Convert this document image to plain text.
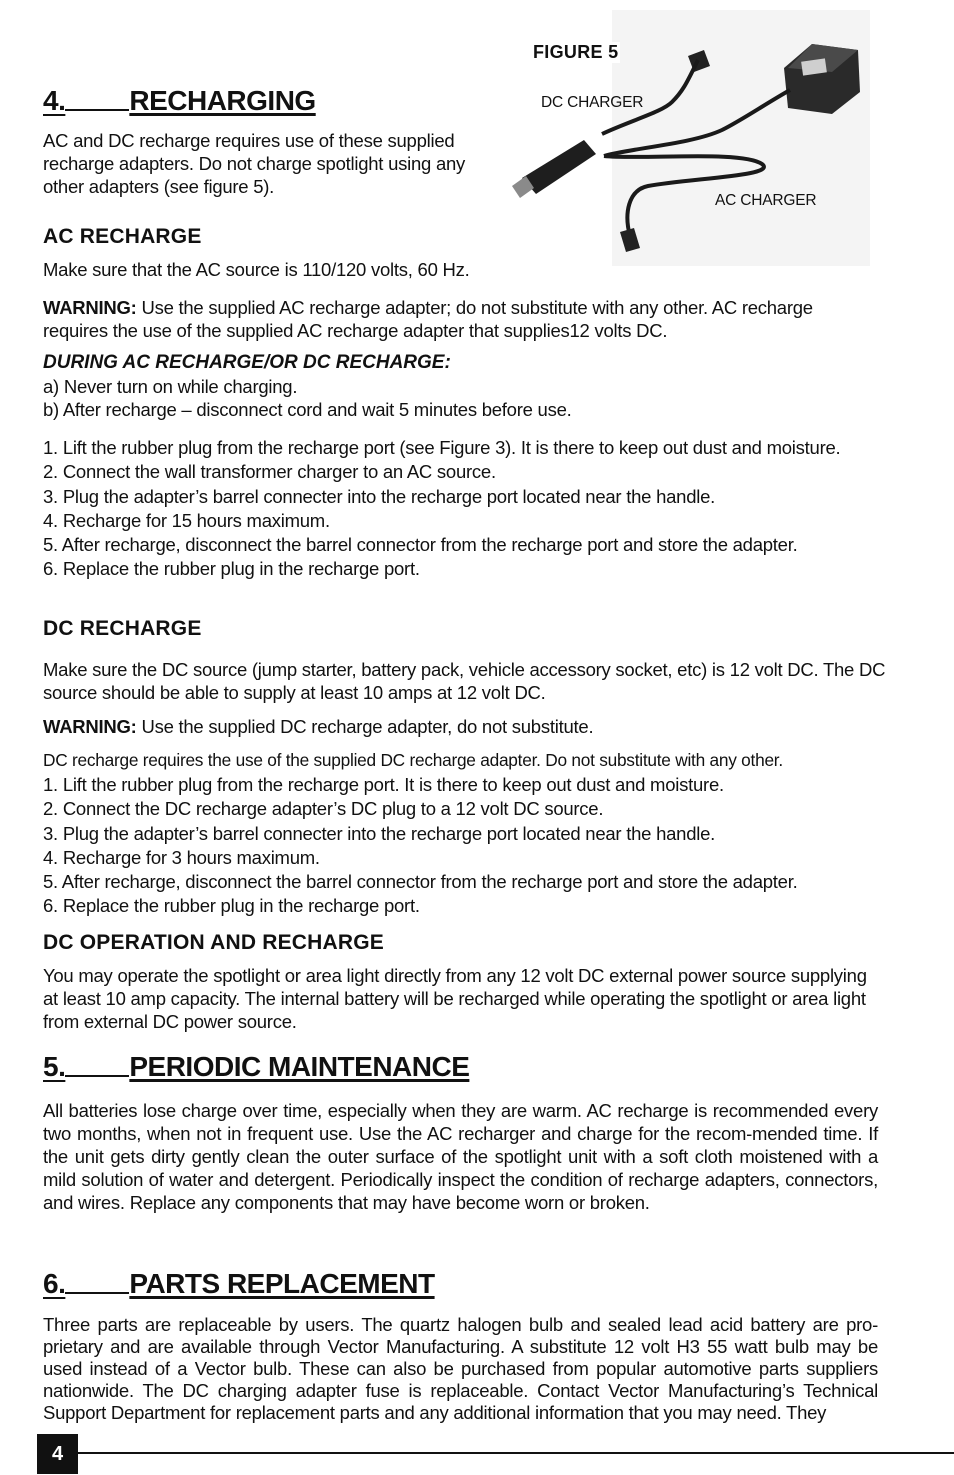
FIGURE 5
DC CHARGER
AC CHARGER
4. RECHARGING

AC and DC recharge requires use of these supplied recharge adapters. Do not charge spotlight using any other adapters (see figure 5).

AC RECHARGE

Make sure that the AC source is 110/120 volts, 60 Hz.

WARNING: Use the supplied AC recharge adapter; do not substitute with any other. AC recharge requires the use of the supplied AC recharge adapter that supplies12 volts DC.

DURING AC RECHARGE/OR DC RECHARGE:
a) Never turn on while charging.
b) After recharge – disconnect cord and wait 5 minutes before use.
1. Lift the rubber plug from the recharge port (see Figure 3). It is there to keep out dust and moisture.
2. Connect the wall transformer charger to an AC source.
3. Plug the adapter’s barrel connecter into the recharge port located near the handle.
4. Recharge for 15 hours maximum.
5. After recharge, disconnect the barrel connector from the recharge port and store the adapter.
6. Replace the rubber plug in the recharge port.
DC RECHARGE

Make sure the DC source (jump starter, battery pack, vehicle accessory socket, etc) is 12 volt DC. The DC source should be able to supply at least 10 amps at 12 volt DC.

WARNING: Use the supplied DC recharge adapter, do not substitute.

DC recharge requires the use of the supplied DC recharge adapter. Do not substitute with any other.

1. Lift the rubber plug from the recharge port. It is there to keep out dust and moisture.
2. Connect the DC recharge adapter’s DC plug to a 12 volt DC source.
3. Plug the adapter’s barrel connecter into the recharge port located near the handle.
4. Recharge for 3 hours maximum.
5. After recharge, disconnect the barrel connector from the recharge port and store the adapter.
6. Replace the rubber plug in the recharge port.
DC OPERATION AND RECHARGE

You may operate the spotlight or area light directly from any 12 volt DC external power source supplying at least 10 amp capacity. The internal battery will be recharged while operating the spotlight or area light from external DC power source.

5. PERIODIC MAINTENANCE

All batteries lose charge over time, especially when they are warm. AC recharge is recommended every two months, when not in frequent use. Use the AC recharger and charge for the recom-mended time. If the unit gets dirty gently clean the outer surface of the spotlight unit with a soft cloth moistened with a mild solution of water and detergent. Periodically inspect the condition of recharge adapters, connectors, and wires. Replace any components that may have become worn or broken.

6. PARTS REPLACEMENT

Three parts are replaceable by users. The quartz halogen bulb and sealed lead acid battery are pro-prietary and are available through Vector Manufacturing. A substitute 12 volt H3 55 watt bulb may be used instead of a Vector bulb. These can also be purchased from popular automotive parts suppliers nationwide. The DC charging adapter fuse is replaceable. Contact Vector Manufacturing’s Technical Support Department for replacement parts and any additional information that you may need. They

4
